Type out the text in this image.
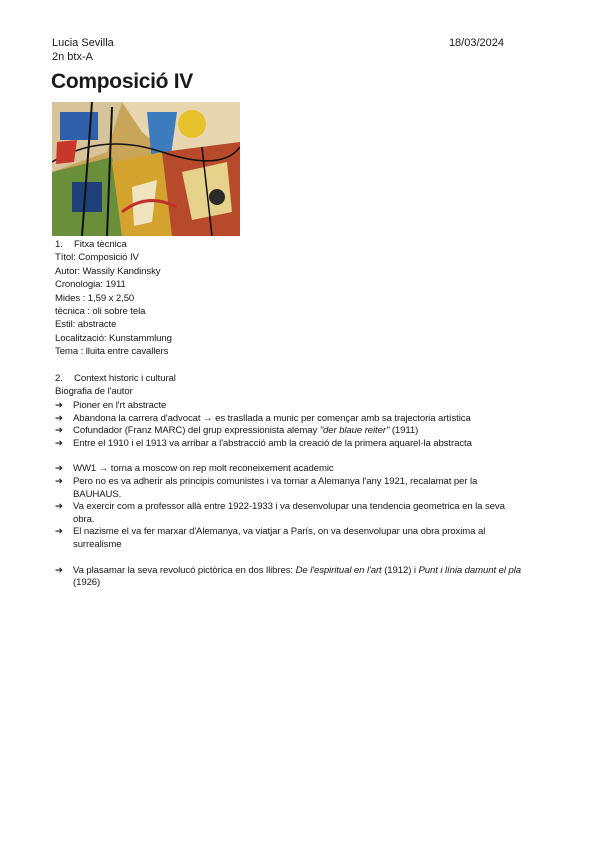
Lucia Sevilla
2n btx-A
18/03/2024
Composició IV

1. Fitxa tècnica

Títol: Composició IV

Autor: Wassily Kandinsky

Cronologia: 1911

Mides : 1,59 x 2,50

tècnica : oli sobre tela

Estil: abstracte

Localització: Kunstammlung

Tema : lluita entre cavallers

2. Context historic i cultural

Biografia de l'autor

➔ Pioner en l'rt abstracte
➔ Abandona la carrera d'advocat → es trasllada a munic per començar amb sa trajectoria artística
➔ Cofundador (Franz MARC) del grup expressionista alemay "der blaue reiter" (1911)
➔ Entre el 1910 i el 1913 va arribar a l'abstracció amb la creació de la primera aquarel·la abstracta
➔ WW1 → torna a moscow on rep molt reconeixement academic
➔ Pero no es va adherir als principis comunistes i va tornar a Alemanya l'any 1921, recalamat per la BAUHAUS.
➔ Va exercir com a professor allà entre 1922-1933 i va desenvolupar una tendencia geometrica en la seva obra.
➔ El nazisme el va fer marxar d'Alemanya, va viatjar a París, on va desenvolupar una obra proxima al surrealisme
➔ Va plasamar la seva revolucó pictòrica en dos llibres: De l'espiritual en l'art (1912) i Punt i línia damunt el pla (1926)
